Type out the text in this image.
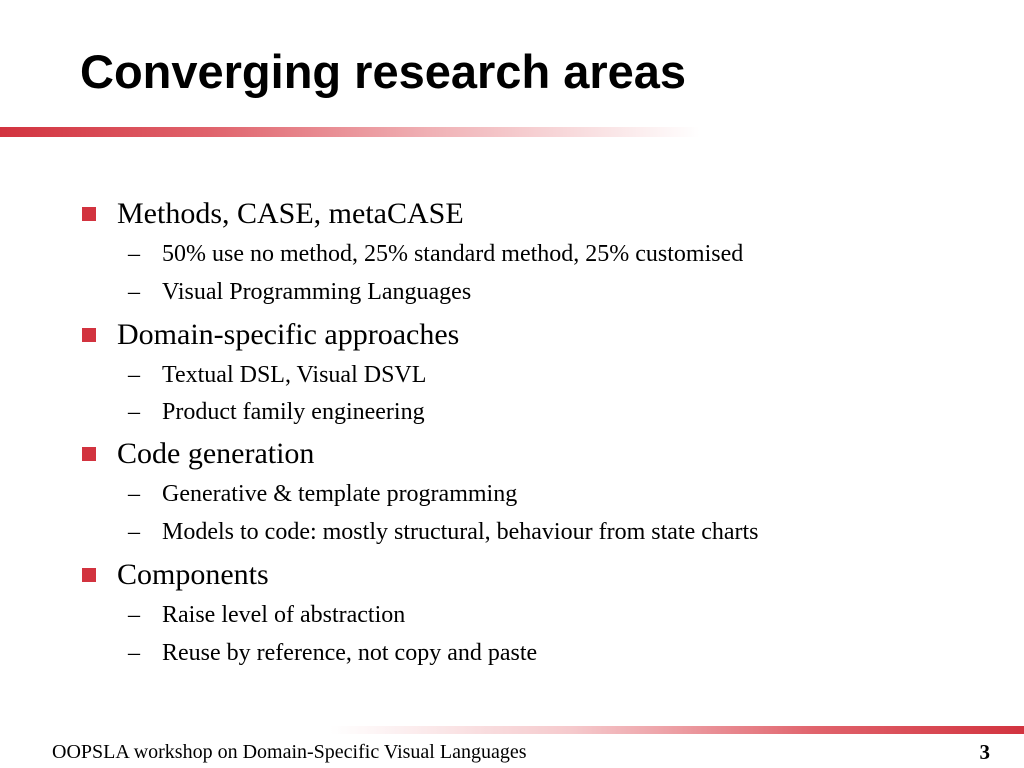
Converging research areas
Methods, CASE, metaCASE
– 50% use no method, 25% standard method, 25% customised
– Visual Programming Languages
Domain-specific approaches
– Textual DSL, Visual DSVL
– Product family engineering
Code generation
– Generative & template programming
– Models to code: mostly structural, behaviour from state charts
Components
– Raise level of abstraction
– Reuse by reference, not copy and paste
OOPSLA workshop on Domain-Specific Visual Languages	3
